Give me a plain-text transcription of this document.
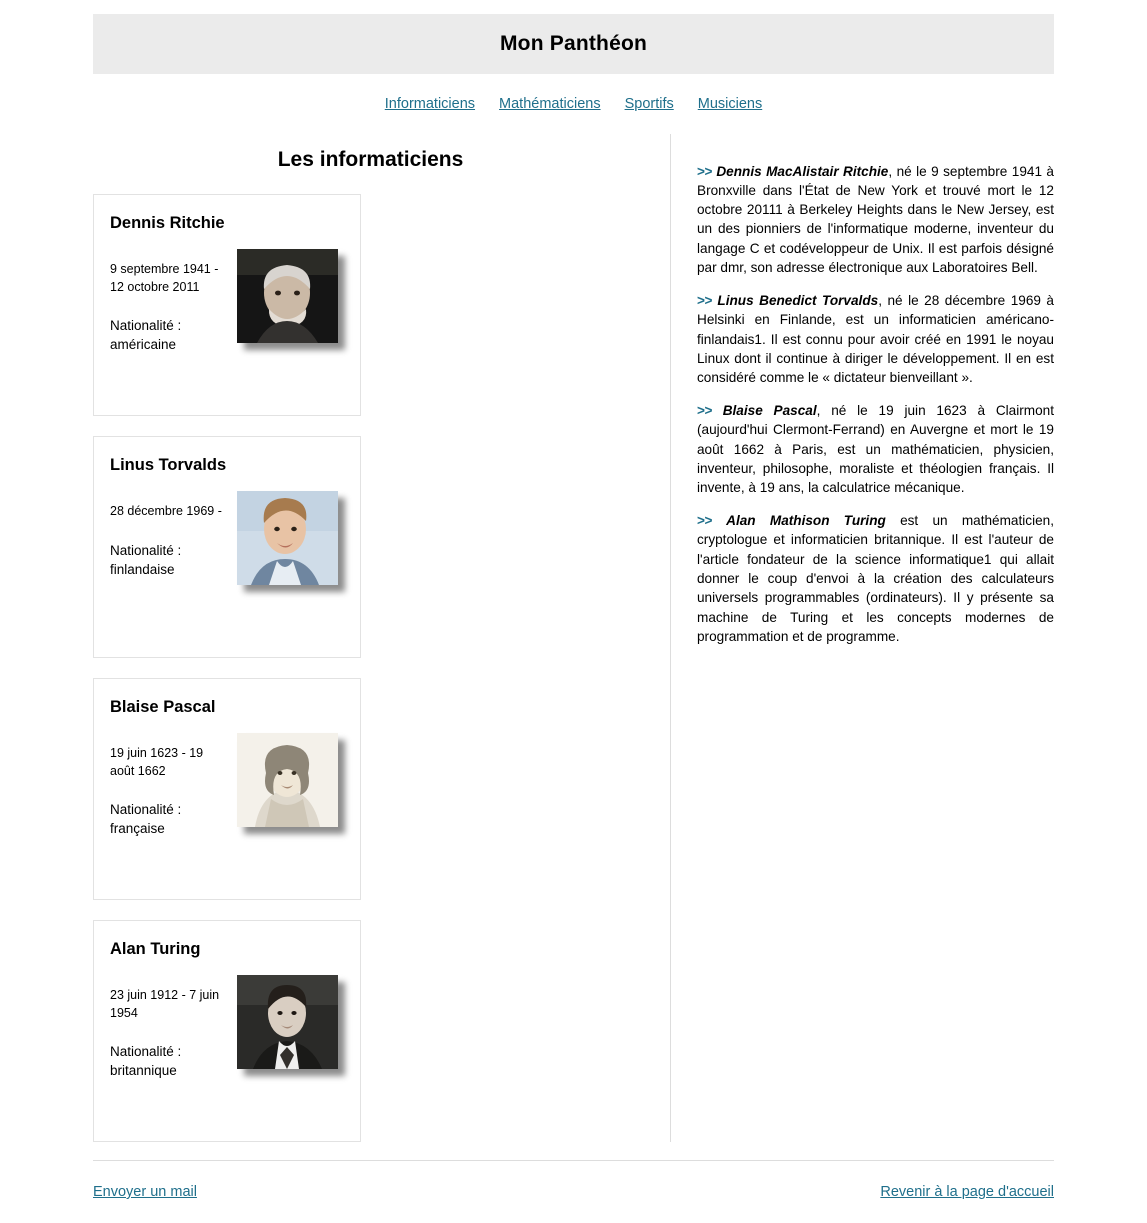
Mon Panthéon
Informaticiens Mathématiciens Sportifs Musiciens
Les informaticiens
Dennis Ritchie
9 septembre 1941 - 12 octobre 2011
Nationalité : américaine
Linus Torvalds
28 décembre 1969 -
Nationalité : finlandaise
Blaise Pascal
19 juin 1623 - 19 août 1662
Nationalité : française
Alan Turing
23 juin 1912 - 7 juin 1954
Nationalité : britannique

>> Dennis MacAlistair Ritchie, né le 9 septembre 1941 à Bronxville dans l'État de New York et trouvé mort le 12 octobre 20111 à Berkeley Heights dans le New Jersey, est un des pionniers de l'informatique moderne, inventeur du langage C et codéveloppeur de Unix. Il est parfois désigné par dmr, son adresse électronique aux Laboratoires Bell.

>> Linus Benedict Torvalds, né le 28 décembre 1969 à Helsinki en Finlande, est un informaticien américano-finlandais1. Il est connu pour avoir créé en 1991 le noyau Linux dont il continue à diriger le développement. Il en est considéré comme le « dictateur bienveillant ».

>> Blaise Pascal, né le 19 juin 1623 à Clairmont (aujourd'hui Clermont-Ferrand) en Auvergne et mort le 19 août 1662 à Paris, est un mathématicien, physicien, inventeur, philosophe, moraliste et théologien français. Il invente, à 19 ans, la calculatrice mécanique.

>> Alan Mathison Turing est un mathématicien, cryptologue et informaticien britannique. Il est l'auteur de l'article fondateur de la science informatique1 qui allait donner le coup d'envoi à la création des calculateurs universels programmables (ordinateurs). Il y présente sa machine de Turing et les concepts modernes de programmation et de programme.

Envoyer un mail	Revenir à la page d'accueil
